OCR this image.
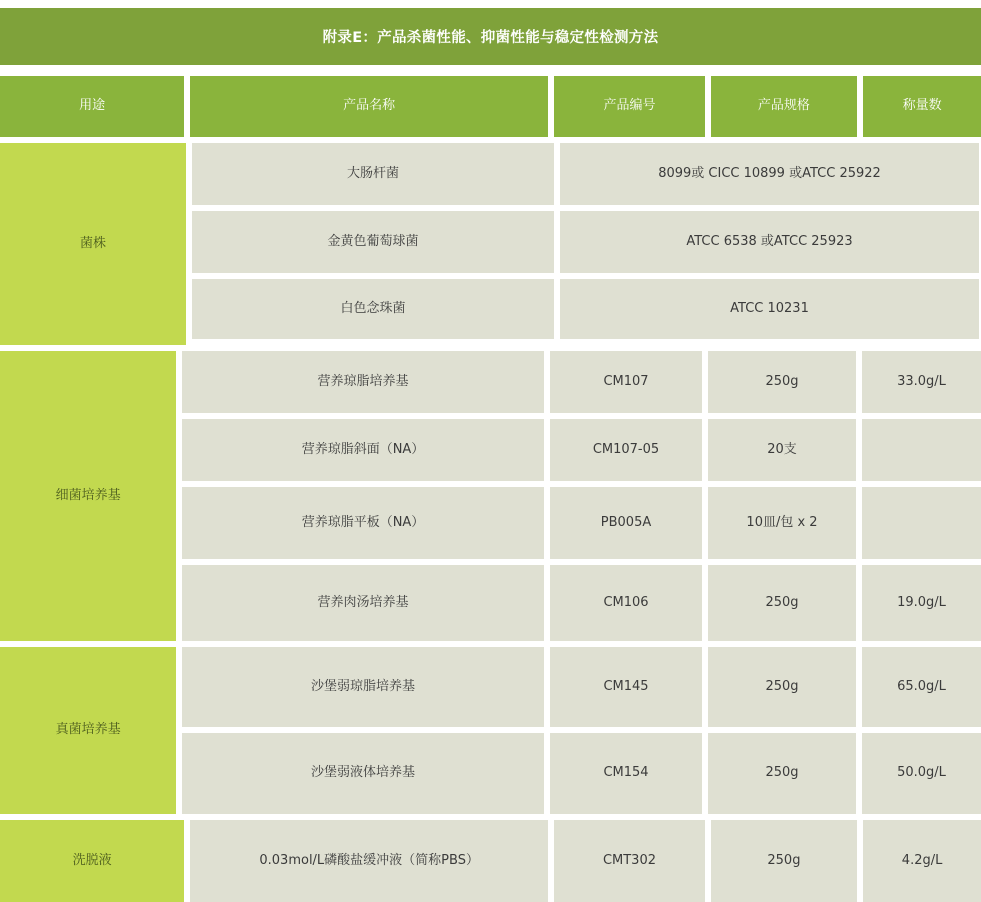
附录E：产品杀菌性能、抑菌性能与稳定性检测方法
用途	产品名称	产品编号	产品规格	称量数
菌株
大肠杆菌	8099或 CICC 10899 或ATCC 25922
金黄色葡萄球菌	ATCC 6538 或ATCC 25923
白色念珠菌	ATCC 10231
细菌培养基
营养琼脂培养基	CM107	250g	33.0g/L
营养琼脂斜面（NA）	CM107-05	20支
营养琼脂平板（NA）	PB005A	10皿/包 x 2
营养肉汤培养基	CM106	250g	19.0g/L
真菌培养基
沙堡弱琼脂培养基	CM145	250g	65.0g/L
沙堡弱液体培养基	CM154	250g	50.0g/L
洗脱液	0.03mol/L磷酸盐缓冲液（简称PBS）	CMT302	250g	4.2g/L
